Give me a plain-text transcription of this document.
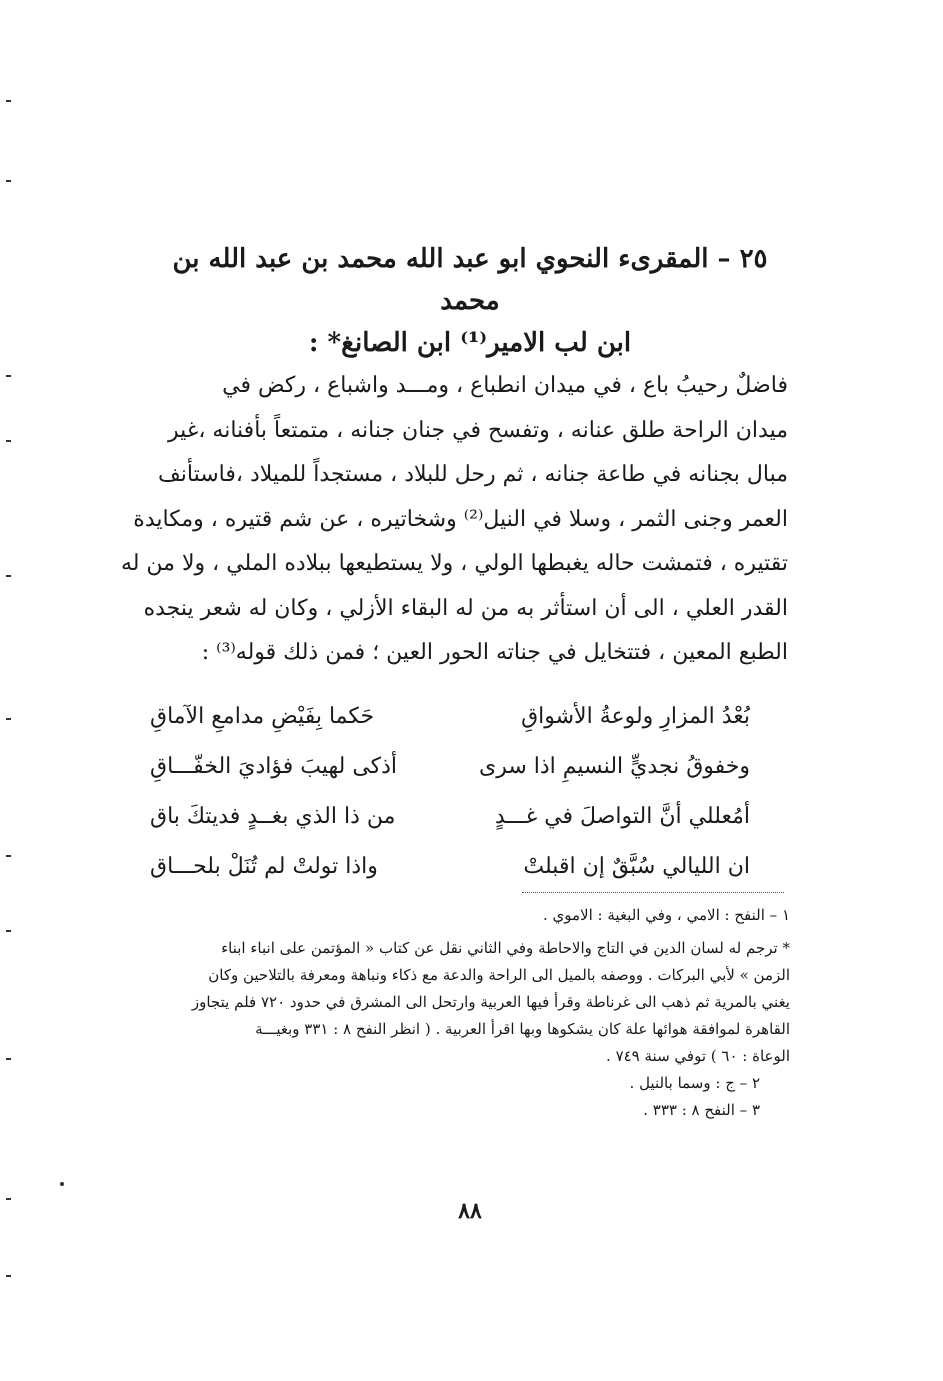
٢٥ – المقرىء النحوي ابو عبد الله محمد بن عبد الله بن محمد
ابن لب الامير⁽¹⁾ ابن الصانغ* :
فاضلٌ رحيبُ باع ، في ميدان انطباع ، ومـــد واشباع ، ركض في
ميدان الراحة طلق عنانه ، وتفسح في جنان جنانه ، متمتعاً بأفنانه ،غير
مبال بجنانه في طاعة جنانه ، ثم رحل للبلاد ، مستجداً للميلاد ،فاستأنف
العمر وجنى الثمر ، وسلا في النيل⁽²⁾ وشخاتيره ، عن شم قتيره ، ومكايدة
تقتيره ، فتمشت حاله يغبطها الولي ، ولا يستطيعها ببلاده الملي ، ولا من له
القدر العلي ، الى أن استأثر به من له البقاء الأزلي ، وكان له شعر ينجده
الطبع المعين ، فتتخايل في جناته الحور العين ؛ فمن ذلك قوله⁽³⁾ :
بُعْدُ المزارِ ولوعةُ الأشواقِ
حَكما بِفَيْضِ مدامعِ الآماقِ
وخفوقُ نجديٍّ النسيمِ اذا سرى
أذكى لهيبَ فؤاديَ الخفّـــاقِ
أمُعللي أنَّ التواصلَ في غـــدٍ
من ذا الذي بغــدٍ فديتكَ باق
ان الليالي سُبَّقٌ إن اقبلتْ
واذا تولتْ لم تُنَلْ بلحـــاق
١ – النفح : الامي ، وفي البغية : الاموي .
* ترجم له لسان الدين في التاج والاحاطة وفي الثاني نقل عن كتاب « المؤتمن على انباء ابناء
الزمن » لأبي البركات . ووصفه بالميل الى الراحة والدعة مع ذكاء ونباهة ومعرفة بالتلاحين وكان
يغني بالمرية ثم ذهب الى غرناطة وقرأ فيها العربية وارتحل الى المشرق في حدود ٧٢٠ فلم يتجاوز
القاهرة لموافقة هوائها علة كان يشكوها وبها اقرأ العربية . ( انظر النفح ٨ : ٣٣١ وبغيـــة
الوعاة : ٦٠ ) توفي سنة ٧٤٩ .
٢ – ج : وسما بالنيل .
٣ – النفح ٨ : ٣٣٣ .
٨٨
